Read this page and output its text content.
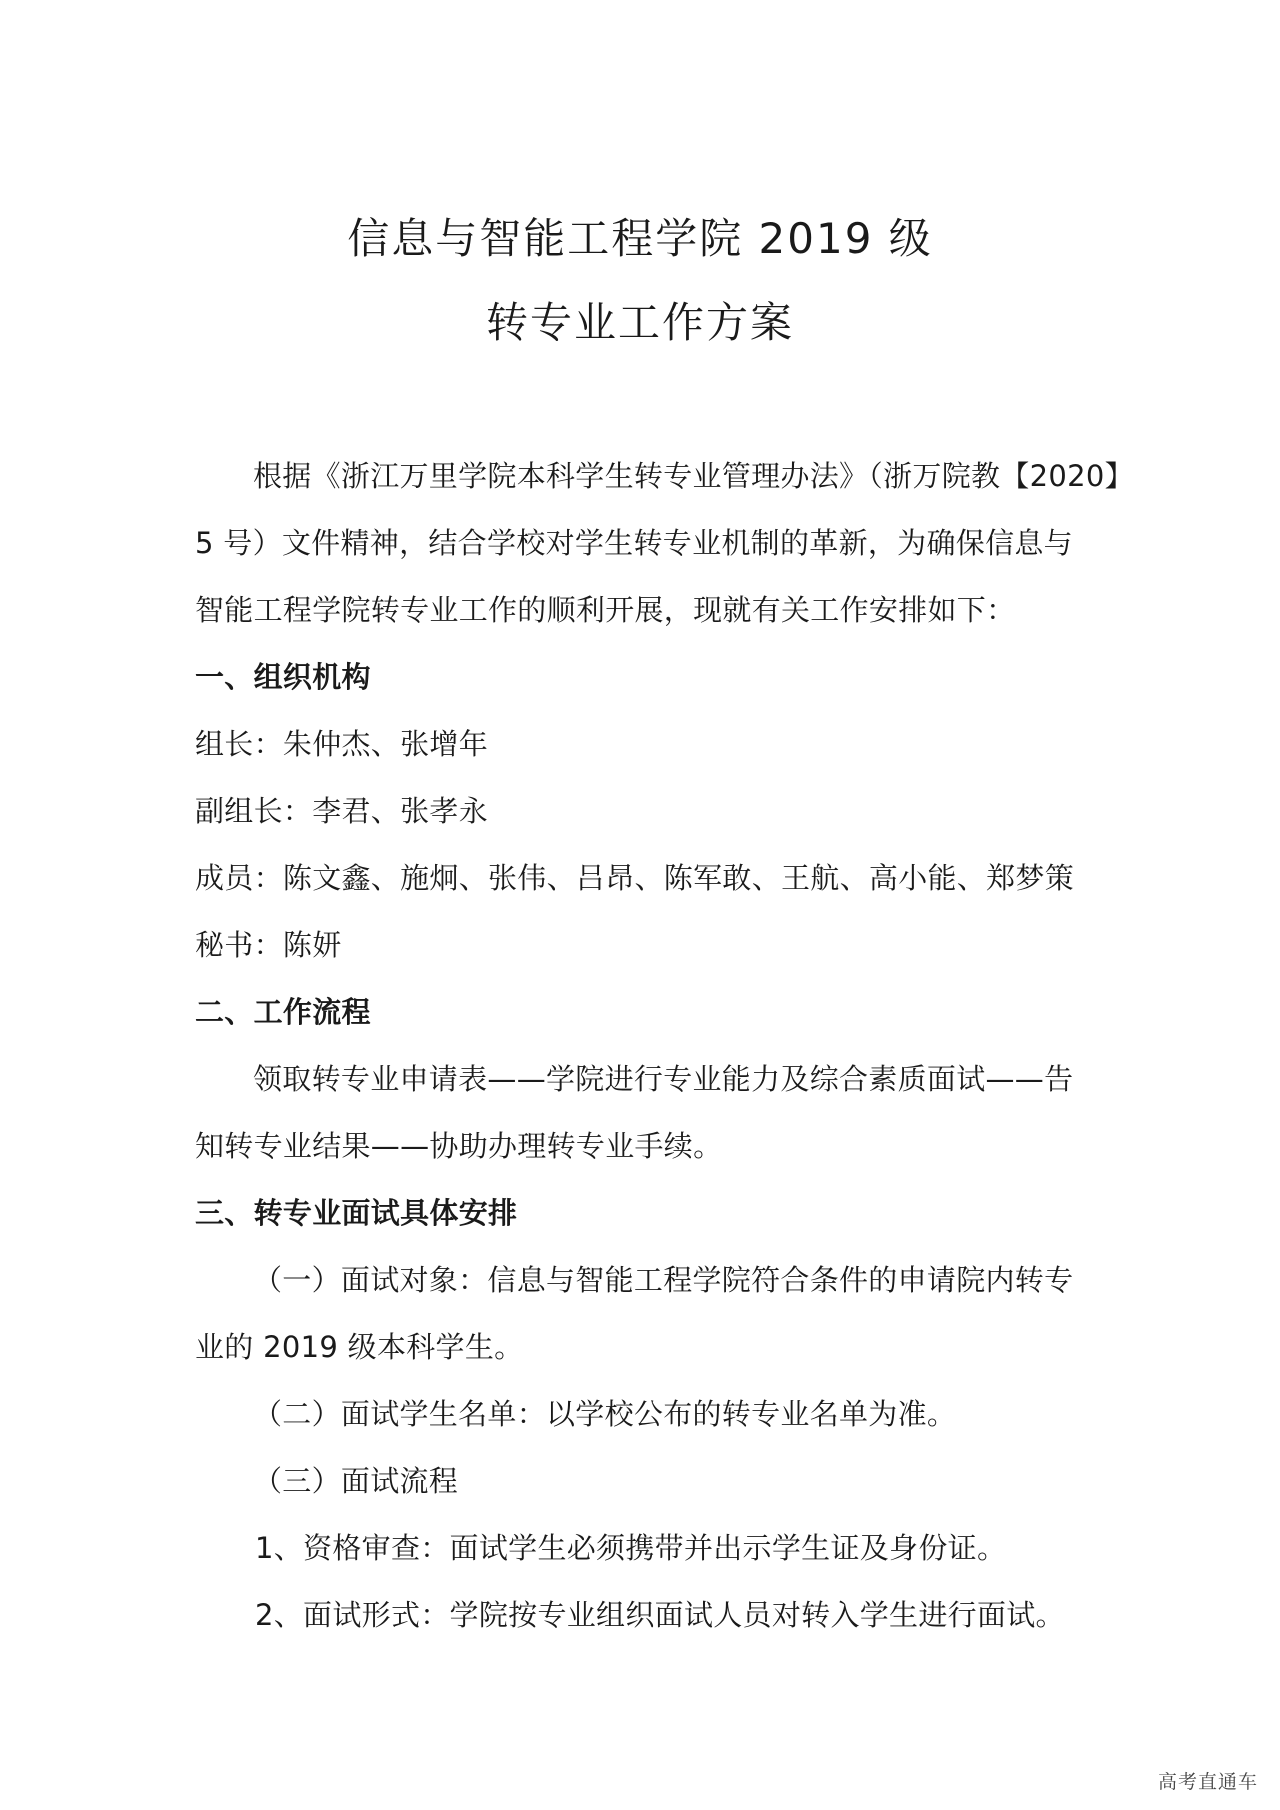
信息与智能工程学院 2019 级
转专业工作方案
根据《浙江万里学院本科学生转专业管理办法》（浙万院教【2020】
5 号）文件精神，结合学校对学生转专业机制的革新，为确保信息与
智能工程学院转专业工作的顺利开展，现就有关工作安排如下：
一、组织机构
组长：朱仲杰、张增年
副组长：李君、张孝永
成员：陈文鑫、施炯、张伟、吕昂、陈军敢、王航、高小能、郑梦策
秘书：陈妍
二、工作流程
领取转专业申请表——学院进行专业能力及综合素质面试——告
知转专业结果——协助办理转专业手续。
三、转专业面试具体安排
（一）面试对象：信息与智能工程学院符合条件的申请院内转专
业的 2019 级本科学生。
（二）面试学生名单：以学校公布的转专业名单为准。
（三）面试流程
1、资格审查：面试学生必须携带并出示学生证及身份证。
2、面试形式：学院按专业组织面试人员对转入学生进行面试。
高考直通车
